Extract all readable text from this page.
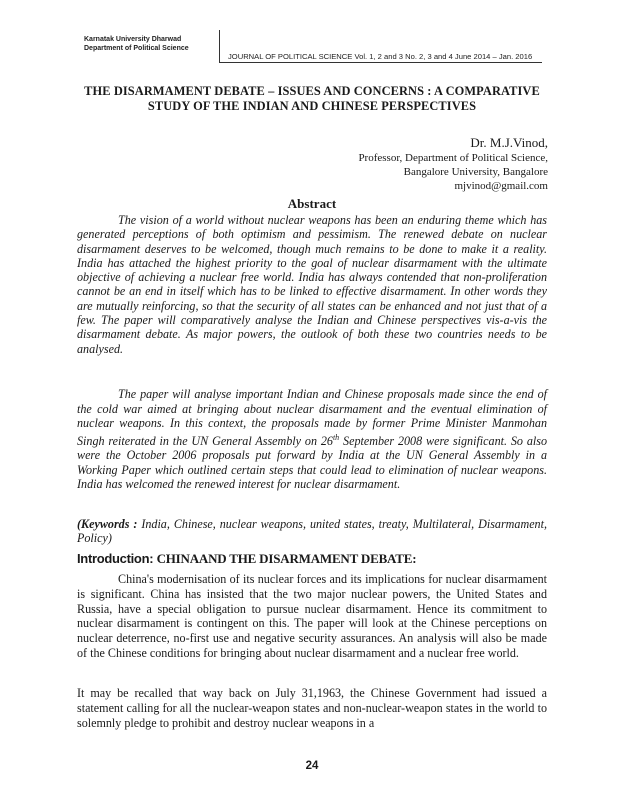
Karnatak University Dharwad
Department of Political Science
JOURNAL OF POLITICAL SCIENCE Vol. 1, 2 and 3 No. 2, 3 and 4 June 2014 – Jan. 2016
THE DISARMAMENT DEBATE – ISSUES AND CONCERNS : A COMPARATIVE STUDY OF THE INDIAN AND CHINESE PERSPECTIVES
Dr. M.J.Vinod,
Professor, Department of Political Science,
Bangalore University, Bangalore
mjvinod@gmail.com
Abstract
The vision of a world without nuclear weapons has been an enduring theme which has generated perceptions of both optimism and pessimism. The renewed debate on nuclear disarmament deserves to be welcomed, though much remains to be done to make it a reality. India has attached the highest priority to the goal of nuclear disarmament with the ultimate objective of achieving a nuclear free world. India has always contended that non-proliferation cannot be an end in itself which has to be linked to effective disarmament. In other words they are mutually reinforcing, so that the security of all states can be enhanced and not just that of a few. The paper will comparatively analyse the Indian and Chinese perspectives vis-a-vis the disarmament debate. As major powers, the outlook of both these two countries needs to be analysed.
The paper will analyse important Indian and Chinese proposals made since the end of the cold war aimed at bringing about nuclear disarmament and the eventual elimination of nuclear weapons. In this context, the proposals made by former Prime Minister Manmohan Singh reiterated in the UN General Assembly on 26th September 2008 were significant. So also were the October 2006 proposals put forward by India at the UN General Assembly in a Working Paper which outlined certain steps that could lead to elimination of nuclear weapons. India has welcomed the renewed interest for nuclear disarmament.
(Keywords : India, Chinese, nuclear weapons, united states, treaty, Multilateral, Disarmament, Policy)
Introduction: CHINAAND THE DISARMAMENT DEBATE:
China's modernisation of its nuclear forces and its implications for nuclear disarmament is significant. China has insisted that the two major nuclear powers, the United States and Russia, have a special obligation to pursue nuclear disarmament. Hence its commitment to nuclear disarmament is contingent on this. The paper will look at the Chinese perceptions on nuclear deterrence, no-first use and negative security assurances. An analysis will also be made of the Chinese conditions for bringing about nuclear disarmament and a nuclear free world.
It may be recalled that way back on July 31,1963, the Chinese Government had issued a statement calling for all the nuclear-weapon states and non-nuclear-weapon states in the world to solemnly pledge to prohibit and destroy nuclear weapons in a
24
